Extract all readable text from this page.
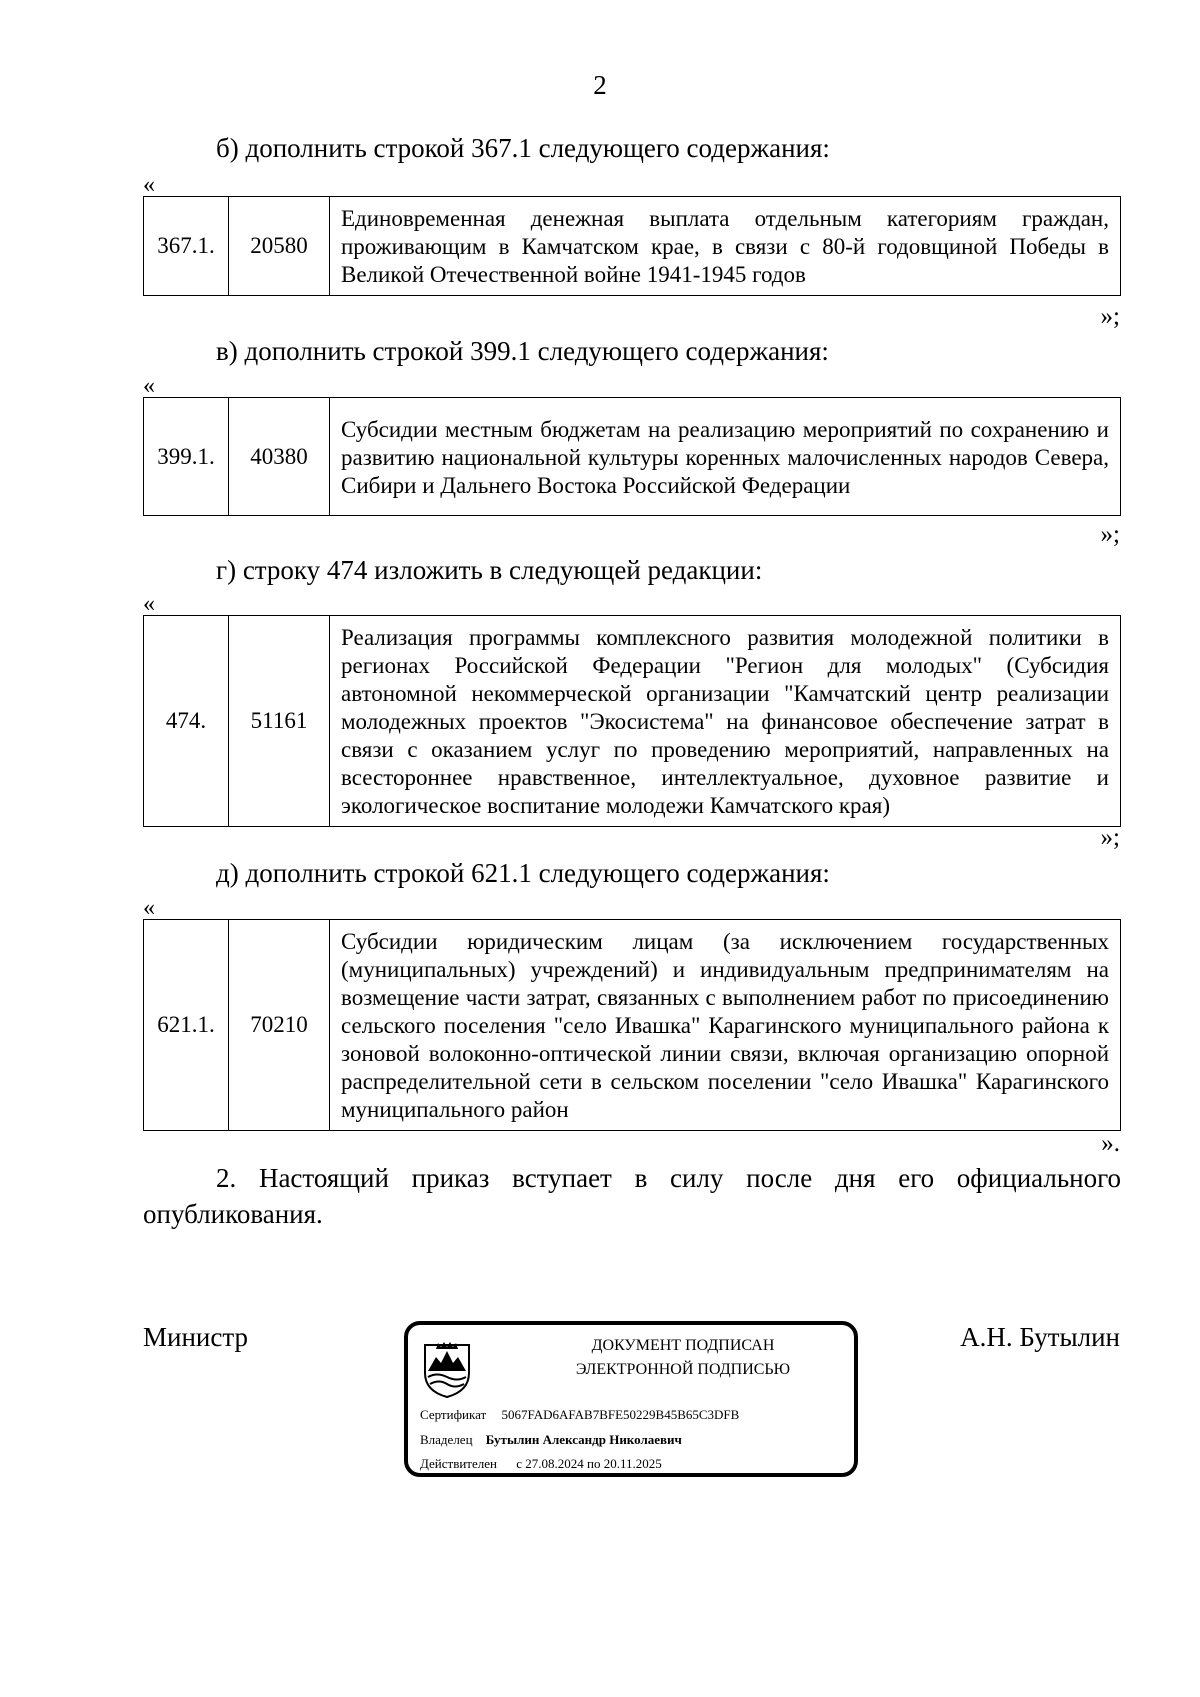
2
б) дополнить строкой 367.1 следующего содержания:
«
367.1.	20580	Единовременная денежная выплата отдельным категориям граждан, проживающим в Камчатском крае, в связи с 80-й годовщиной Победы в Великой Отечественной войне 1941-1945 годов
»;
в) дополнить строкой 399.1 следующего содержания:
«
399.1.	40380	Субсидии местным бюджетам на реализацию мероприятий по сохранению и развитию национальной культуры коренных малочисленных народов Севера, Сибири и Дальнего Востока Российской Федерации
»;
г) строку 474 изложить в следующей редакции:
«
474.	51161	Реализация программы комплексного развития молодежной политики в регионах Российской Федерации "Регион для молодых" (Субсидия автономной некоммерческой организации "Камчатский центр реализации молодежных проектов "Экосистема" на финансовое обеспечение затрат в связи с оказанием услуг по проведению мероприятий, направленных на всестороннее нравственное, интеллектуальное, духовное развитие и экологическое воспитание молодежи Камчатского края)
»;
д) дополнить строкой 621.1 следующего содержания:
«
621.1.	70210	Субсидии юридическим лицам (за исключением государственных (муниципальных) учреждений) и индивидуальным предпринимателям на возмещение части затрат, связанных с выполнением работ по присоединению сельского поселения "село Ивашка" Карагинского муниципального района к зоновой волоконно-оптической линии связи, включая организацию опорной распределительной сети в сельском поселении "село Ивашка" Карагинского муниципального район
».
2. Настоящий приказ вступает в силу после дня его официального опубликования.
Министр	А.Н. Бутылин
ДОКУМЕНТ ПОДПИСАН
ЭЛЕКТРОННОЙ ПОДПИСЬЮ
Сертификат 5067FAD6AFAB7BFE50229B45B65C3DFB
Владелец Бутылин Александр Николаевич
Действителен с 27.08.2024 по 20.11.2025
